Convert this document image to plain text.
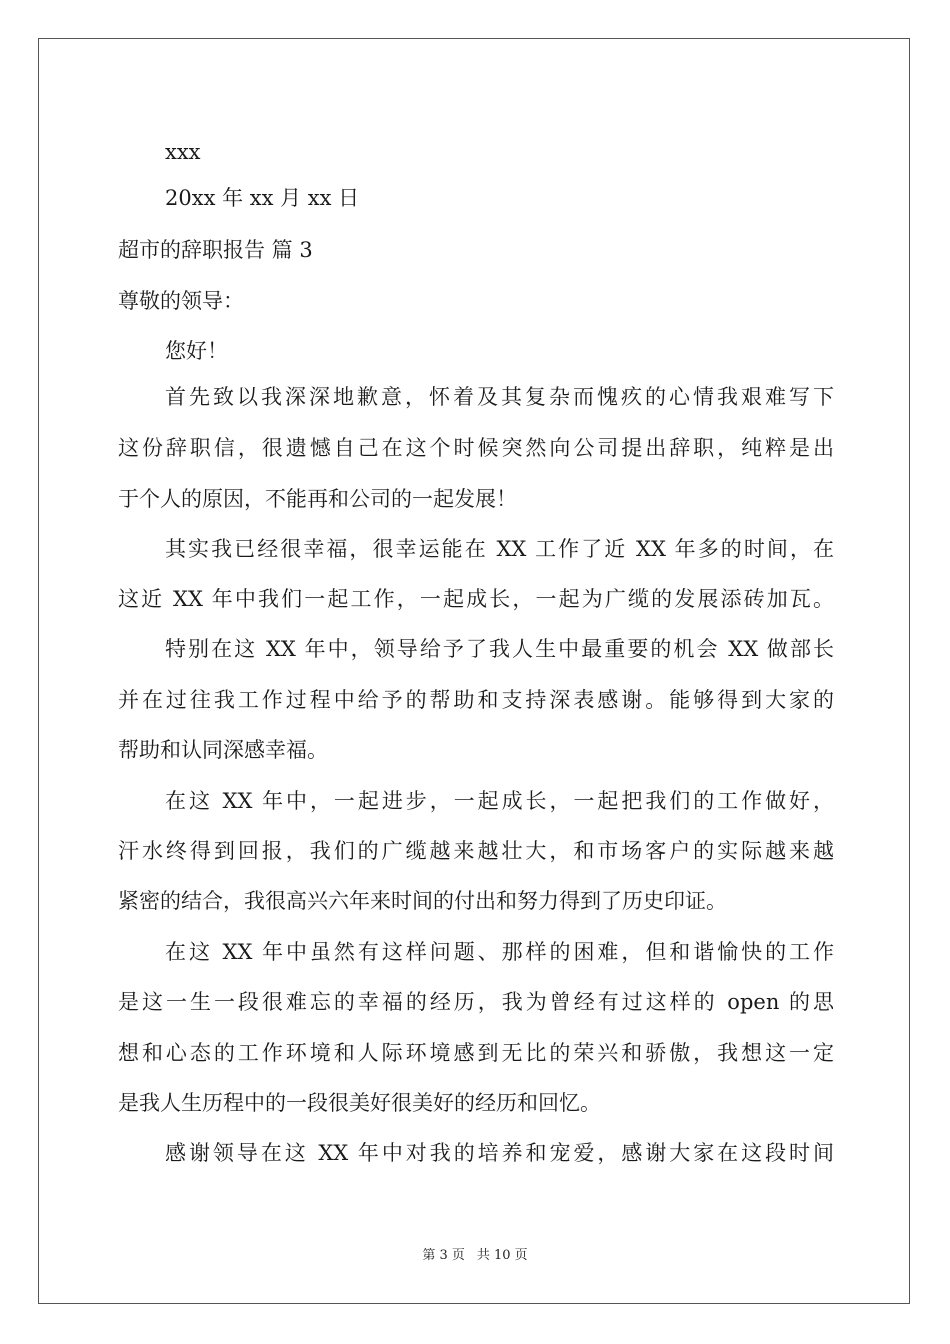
xxx
20xx 年 xx 月 xx 日
超市的辞职报告 篇 3
尊敬的领导：
您好！
首先致以我深深地歉意，怀着及其复杂而愧疚的心情我艰难写下
这份辞职信，很遗憾自己在这个时候突然向公司提出辞职，纯粹是出
于个人的原因，不能再和公司的一起发展！
其实我已经很幸福，很幸运能在 XX 工作了近 XX 年多的时间，在
这近 XX 年中我们一起工作，一起成长，一起为广缆的发展添砖加瓦。
特别在这 XX 年中，领导给予了我人生中最重要的机会 XX 做部长
并在过往我工作过程中给予的帮助和支持深表感谢。能够得到大家的
帮助和认同深感幸福。
在这 XX 年中，一起进步，一起成长，一起把我们的工作做好，
汗水终得到回报，我们的广缆越来越壮大，和市场客户的实际越来越
紧密的结合，我很高兴六年来时间的付出和努力得到了历史印证。
在这 XX 年中虽然有这样问题、那样的困难，但和谐愉快的工作
是这一生一段很难忘的幸福的经历，我为曾经有过这样的 open 的思
想和心态的工作环境和人际环境感到无比的荣兴和骄傲，我想这一定
是我人生历程中的一段很美好很美好的经历和回忆。
感谢领导在这 XX 年中对我的培养和宠爱，感谢大家在这段时间
第 3 页 共 10 页
